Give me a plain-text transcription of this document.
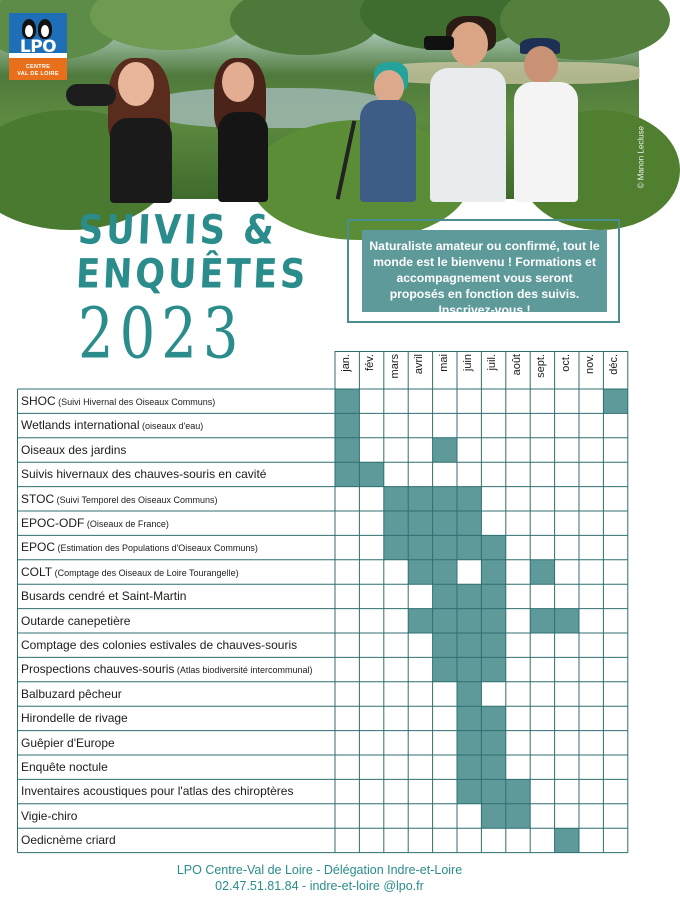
LPO
CENTRE
VAL DE LOIRE
© Manon Lecluse
SUIVIS &
ENQUÊTES
2023
Naturaliste amateur ou confirmé, tout le monde est le bienvenu ! Formations et accompagnement vous seront proposés en fonction des suivis. Inscrivez-vous !
jan. fév. mars avril mai juin juil. août sept. oct. nov. déc.
SHOC (Suivi Hivernal des Oiseaux Communs)
Wetlands international (oiseaux d'eau)
Oiseaux des jardins
Suivis hivernaux des chauves-souris en cavité
STOC (Suivi Temporel des Oiseaux Communs)
EPOC-ODF (Oiseaux de France)
EPOC (Estimation des Populations d'Oiseaux Communs)
COLT (Comptage des Oiseaux de Loire Tourangelle)
Busards cendré et Saint-Martin
Outarde canepetière
Comptage des colonies estivales de chauves-souris
Prospections chauves-souris (Atlas biodiversité intercommunal)
Balbuzard pêcheur
Hirondelle de rivage
Guêpier d'Europe
Enquête noctule
Inventaires acoustiques pour l'atlas des chiroptères
Vigie-chiro
Oedicnème criard
LPO Centre-Val de Loire - Délégation Indre-et-Loire
02.47.51.81.84 - indre-et-loire @lpo.fr
